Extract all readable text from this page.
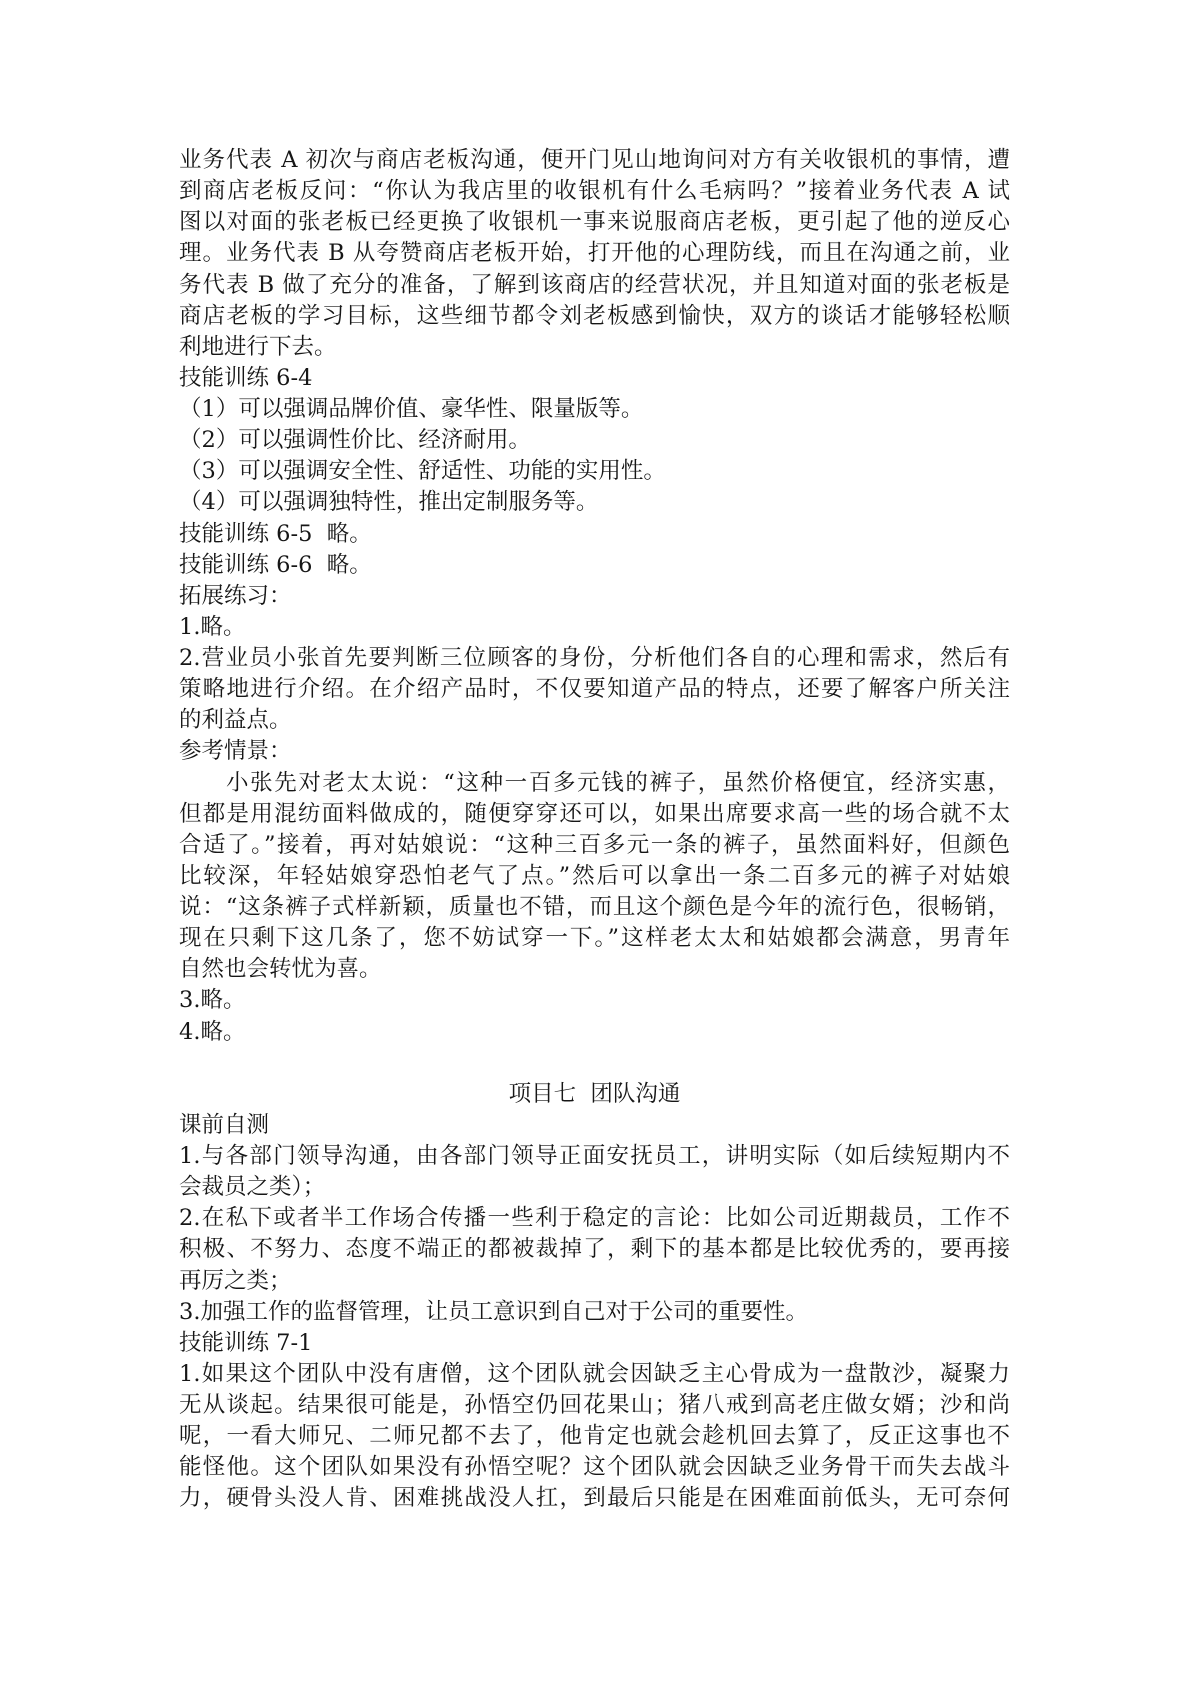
业务代表 A 初次与商店老板沟通，便开门见山地询问对方有关收银机的事情，遭
到商店老板反问：“你认为我店里的收银机有什么毛病吗？”接着业务代表 A 试
图以对面的张老板已经更换了收银机一事来说服商店老板，更引起了他的逆反心
理。业务代表 B 从夸赞商店老板开始，打开他的心理防线，而且在沟通之前，业
务代表 B 做了充分的准备，了解到该商店的经营状况，并且知道对面的张老板是
商店老板的学习目标，这些细节都令刘老板感到愉快，双方的谈话才能够轻松顺
利地进行下去。
技能训练 6-4
（1）可以强调品牌价值、豪华性、限量版等。
（2）可以强调性价比、经济耐用。
（3）可以强调安全性、舒适性、功能的实用性。
（4）可以强调独特性，推出定制服务等。
技能训练 6-5  略。
技能训练 6-6  略。
拓展练习：
1.略。
2.营业员小张首先要判断三位顾客的身份，分析他们各自的心理和需求，然后有
策略地进行介绍。在介绍产品时，不仅要知道产品的特点，还要了解客户所关注
的利益点。
参考情景：
小张先对老太太说：“这种一百多元钱的裤子，虽然价格便宜，经济实惠，
但都是用混纺面料做成的，随便穿穿还可以，如果出席要求高一些的场合就不太
合适了。”接着，再对姑娘说：“这种三百多元一条的裤子，虽然面料好，但颜色
比较深，年轻姑娘穿恐怕老气了点。”然后可以拿出一条二百多元的裤子对姑娘
说：“这条裤子式样新颖，质量也不错，而且这个颜色是今年的流行色，很畅销，
现在只剩下这几条了，您不妨试穿一下。”这样老太太和姑娘都会满意，男青年
自然也会转忧为喜。
3.略。
4.略。
项目七  团队沟通
课前自测
1.与各部门领导沟通，由各部门领导正面安抚员工，讲明实际（如后续短期内不
会裁员之类）；
2.在私下或者半工作场合传播一些利于稳定的言论：比如公司近期裁员，工作不
积极、不努力、态度不端正的都被裁掉了，剩下的基本都是比较优秀的，要再接
再厉之类；
3.加强工作的监督管理，让员工意识到自己对于公司的重要性。
技能训练 7-1
1.如果这个团队中没有唐僧，这个团队就会因缺乏主心骨成为一盘散沙，凝聚力
无从谈起。结果很可能是，孙悟空仍回花果山；猪八戒到高老庄做女婿；沙和尚
呢，一看大师兄、二师兄都不去了，他肯定也就会趁机回去算了，反正这事也不
能怪他。这个团队如果没有孙悟空呢？这个团队就会因缺乏业务骨干而失去战斗
力，硬骨头没人肯、困难挑战没人扛，到最后只能是在困难面前低头，无可奈何
